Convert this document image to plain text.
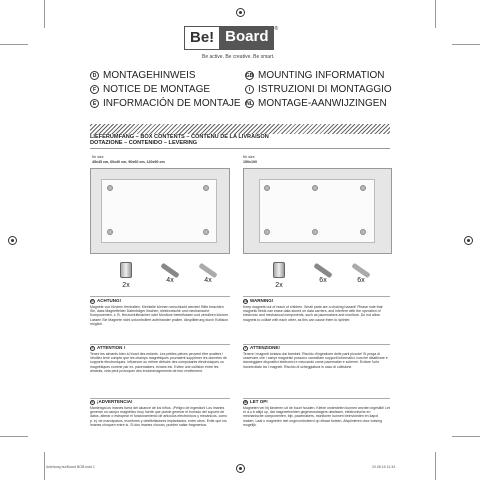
Be! Board	®
Be active. Be creative. Be smart.
D MONTAGEHINWEIS	GB MOUNTING INFORMATION
F NOTICE DE MONTAGE	I ISTRUZIONI DI MONTAGGIO
E INFORMACIÓN DE MONTAJE NL MONTAGE-AANWIJZINGEN
LIEFERUMFANG – BOX CONTENTS – CONTENU DE LA LIVRAISON
DOTAZIONE – CONTENIDO – LEVERING
für size
45x45 cm, 60x40 cm, 90x60 cm, 120x90 cm
2x
4x	4x
für size
150x100
2x
6x	6x
D ACHTUNG!
Magnete von Kindern fernhalten. Kleinteile können verschluckt werden! Bitte beachten Sie, dass Magnetfelder Datenträger löschen, elektronische und mechanische Komponenten, z. B. Herzschrittmacher oder Monitore beeinflussen und zerstören können. Lassen Sie Magnete nicht unkontrolliert aufeinander prallen. Absplitterung durch Kollision möglich.
F ATTENTION !
Tenez les aimants bien à l'écart des enfants. Les petites pièces peuvent être avalées ! Veuillez tenir compte que les champs magnétiques pourraient supprimer les données de supports électroniques, influencer ou même détruire des composants électroniques ou magnétiques comme par ex. pacemakers, écrans etc. Evitez une collision entre les aimants, cela peut provoquer des endommagements de leur revêtement.
E ¡ADVERTENCIA!
Mantenga los imanes fuera del alcance de los niños. ¡Peligro de ingestion! Los imanes generan un campo magnético muy fuerte que puede generar el borrado del soporte de datos, alterar o estropear el funcionamiento de artículos electrónicos y mecánicos, como p. ej. de marcapasos, monitores y desfibriladores implantados, entre otros. Evite que los imanes choquen entre sí. Si dos imanes chocan, pueden saltar fragmentos.
GB WARNING!
Keep magnets out of reach of children. Small parts are a choking hazard! Please note that magnetic fields can erase data stored on data carriers, and interfere with the operation of electronic and mechanical components, such as pacemakers and monitors. Do not allow magnets to collide with each other, as this can cause them to splinter.
I ATTENZIONE!
Tenere i magneti lontano dai bambini. Rischio d'ingestione delle parti piccole! Si prega di osservare che i campi magnetici possono cancellare supporti informatici, nonché disattivare e danneggiare dispositivi elettronici e meccanici come pacemaker e schermi. Evitare l'urto incontrollato tra i magneti. Rischio di scheggiatura in caso di collisione.
NL LET OP!
Magneten ver bij kinderen uit de buurt houden. Kleine onderdelen kunnen worden ingeslikt! Let er a.u.b.altijd op, dat magneetvelden gegevensdragers uitwissen, elektronische en mechanische componenten, bijv. pacemakers, monitoren kunnen beïnvloeden en kapot maken. Laat u magneten niet ongecontroleerd op elkaar botsen. Afsplinteren door botsing mogelijk.
Anleitung burBoard BOB.indd 1	20.08.15 11:34
